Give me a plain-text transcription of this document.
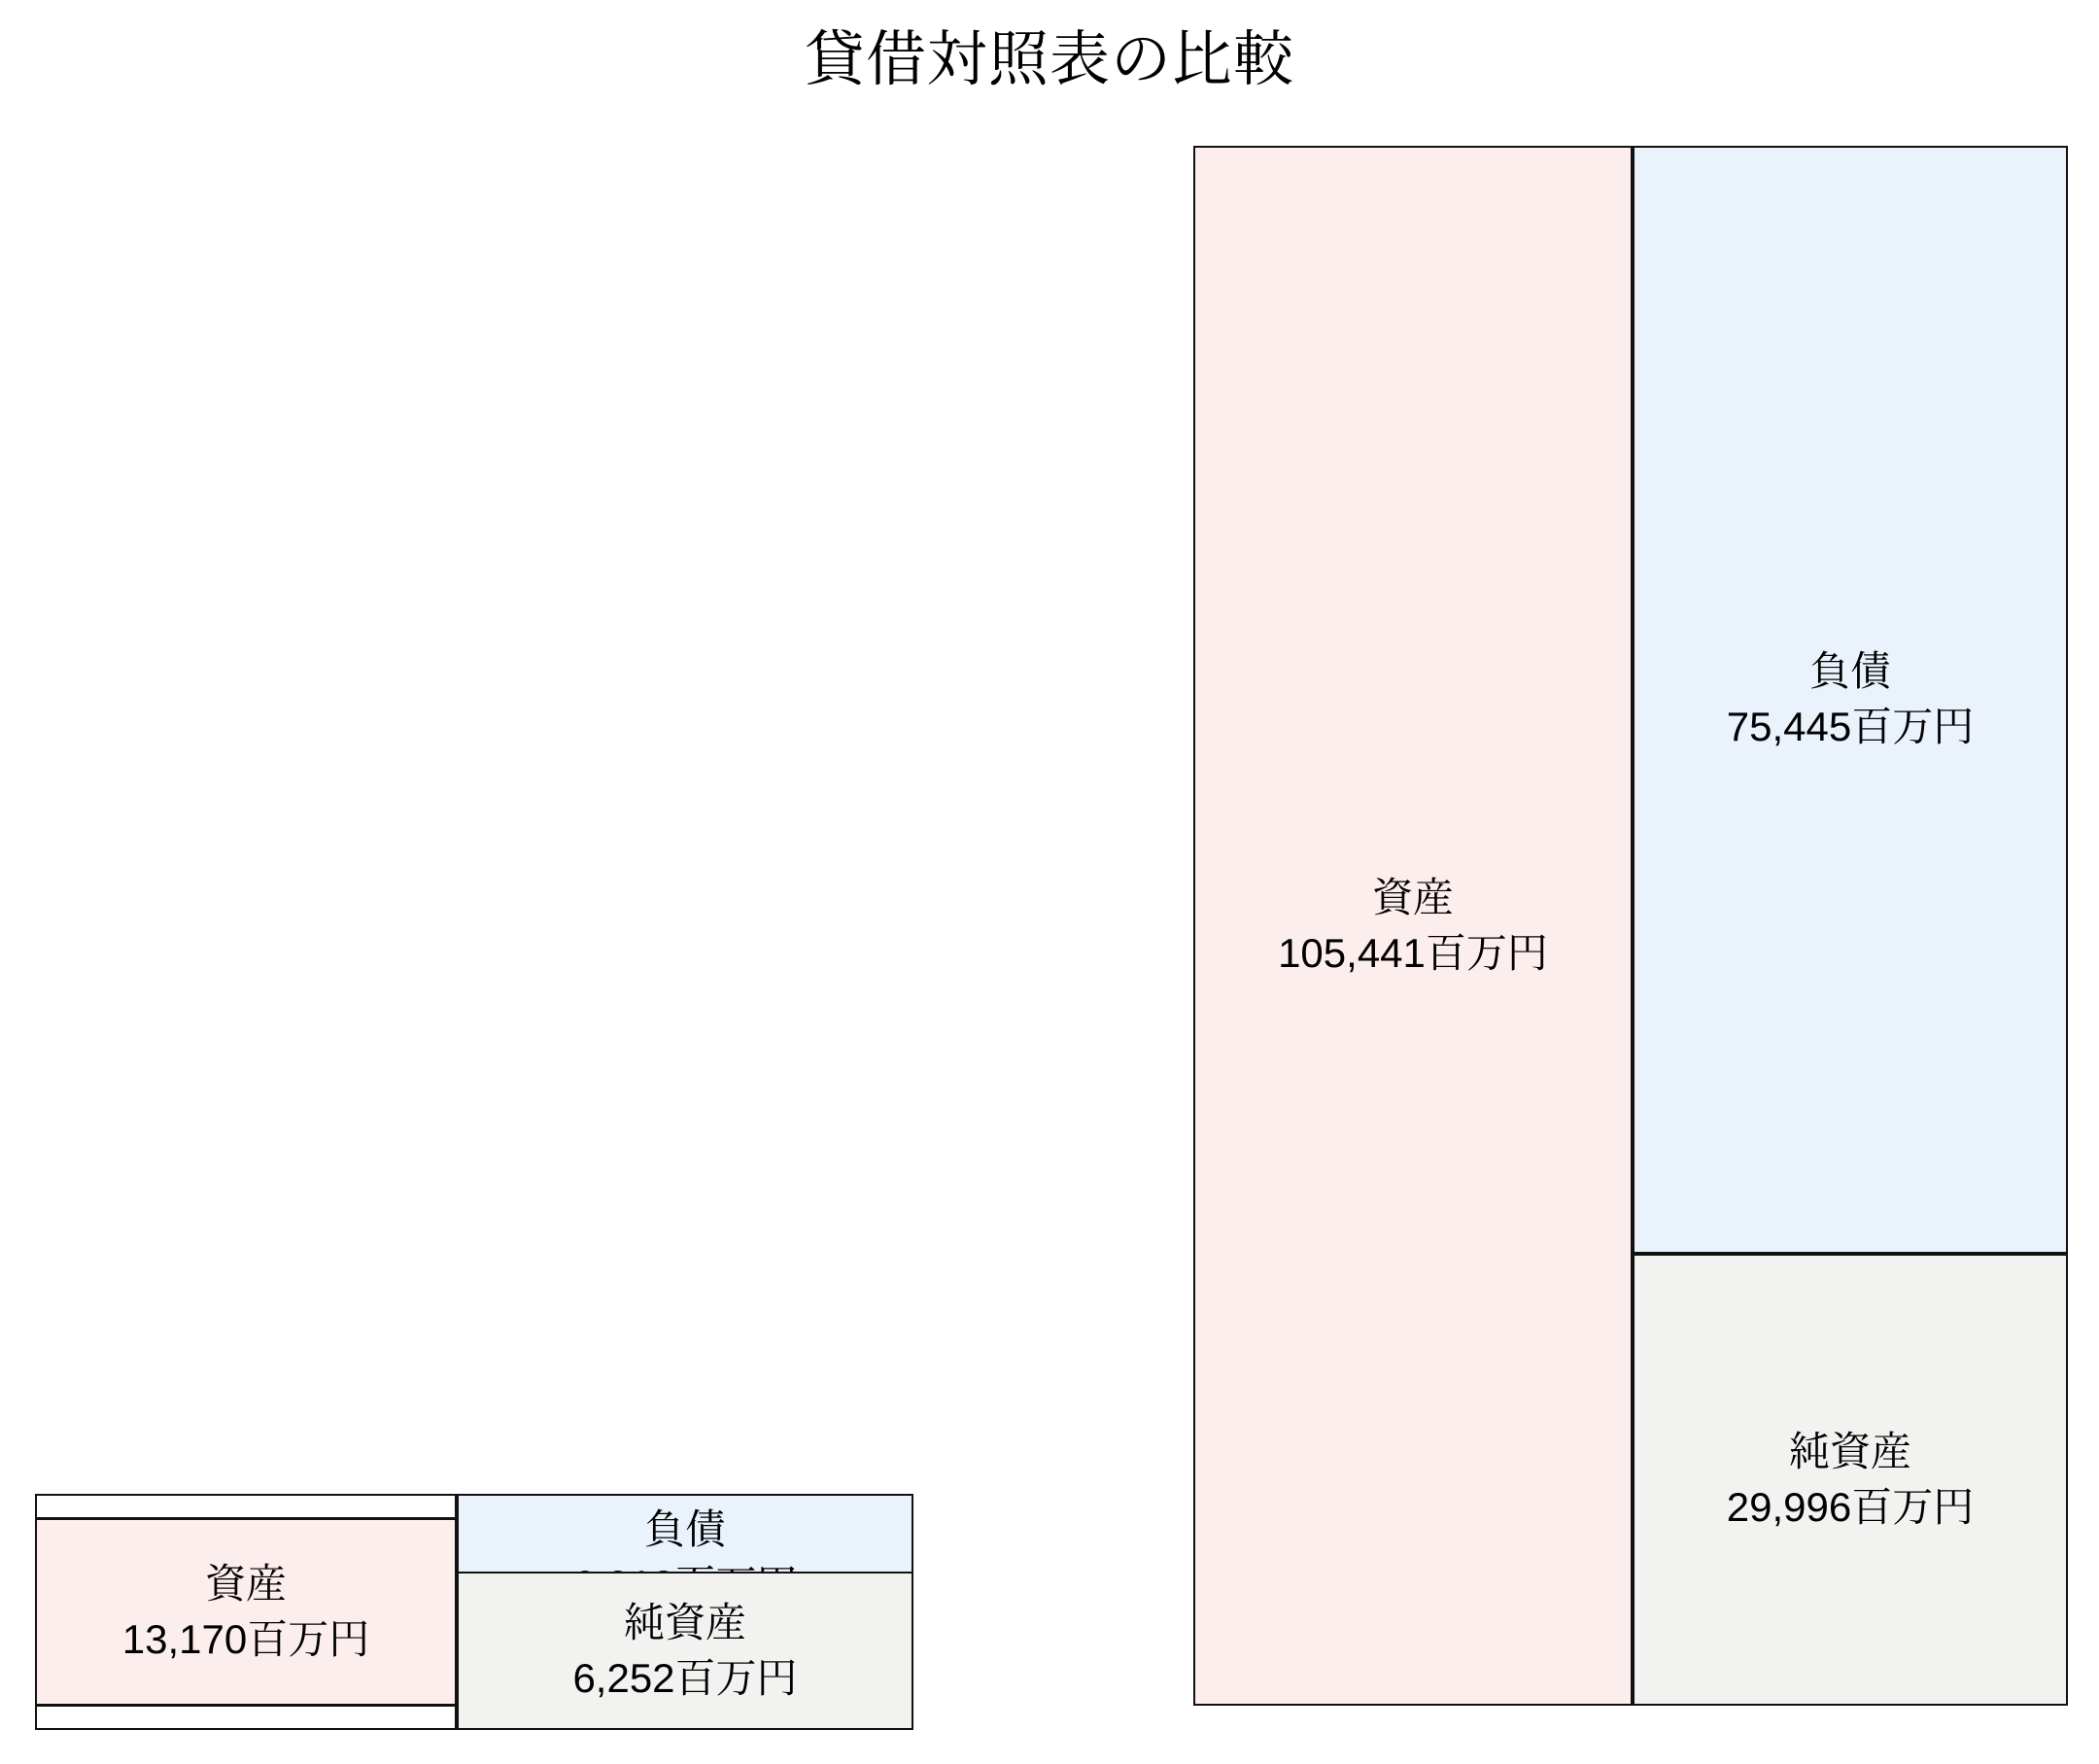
貸借対照表の比較
資産
105,441百万円
負債
75,445百万円
純資産
29,996百万円
資産
13,170百万円
負債
純資産
6,252百万円
